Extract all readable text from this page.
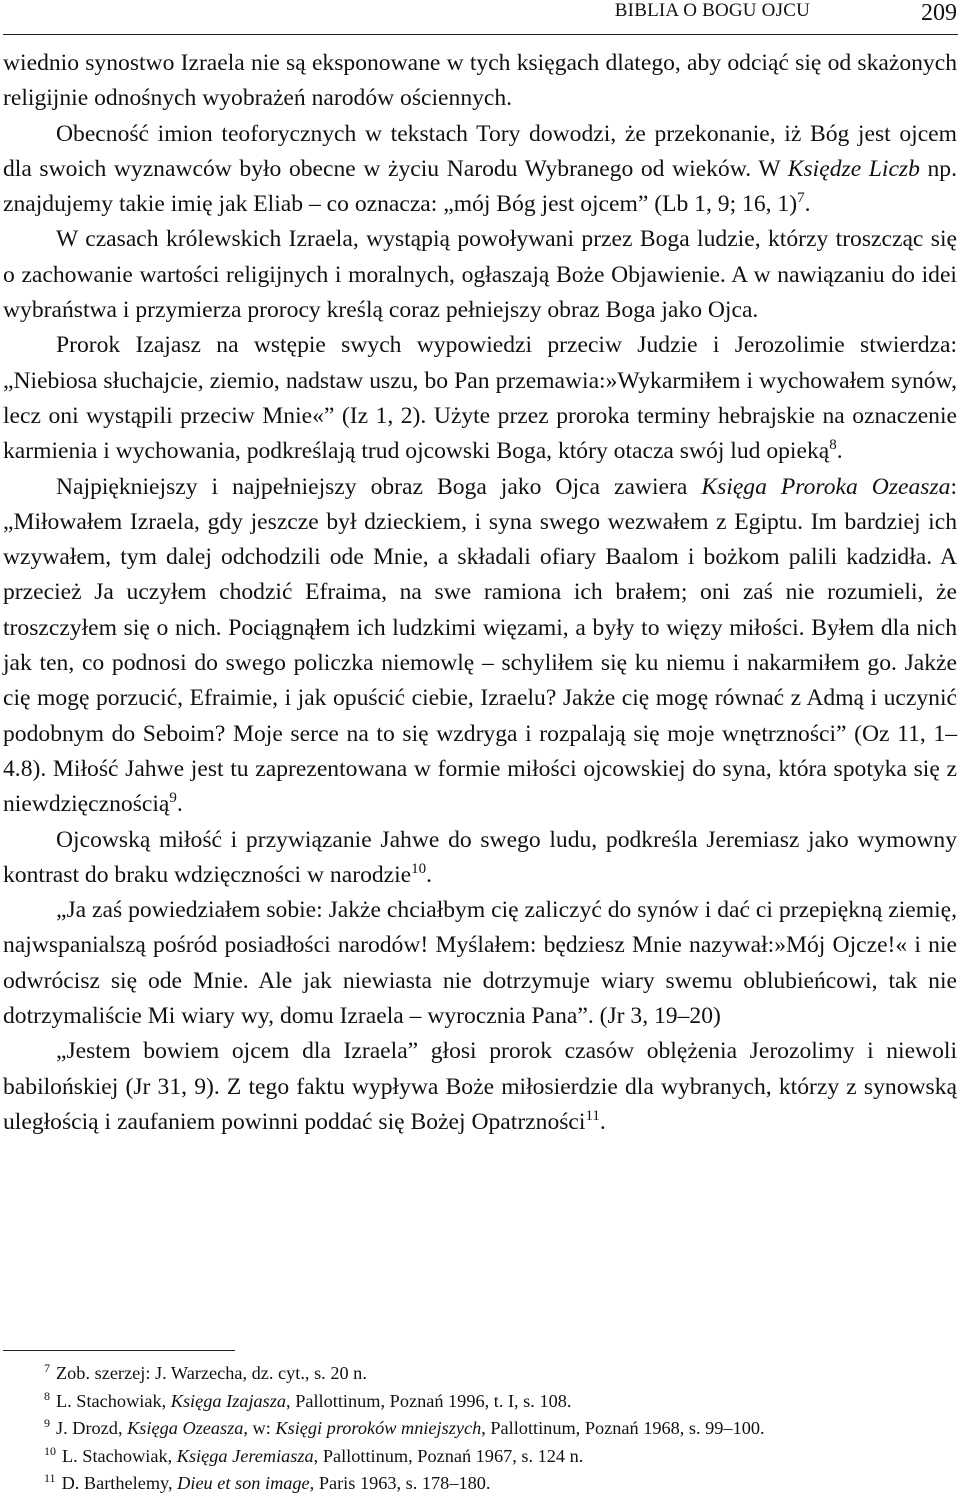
BIBLIA O BOGU OJCU	209

wiednio synostwo Izraela nie są eksponowane w tych księgach dlatego, aby odciąć się od skażonych religijnie odnośnych wyobrażeń narodów ościennych.

Obecność imion teoforycznych w tekstach Tory dowodzi, że przekonanie, iż Bóg jest ojcem dla swoich wyznawców było obecne w życiu Narodu Wybranego od wieków. W Księdze Liczb np. znajdujemy takie imię jak Eliab – co oznacza: „mój Bóg jest ojcem” (Lb 1, 9; 16, 1)$^7$.

W czasach królewskich Izraela, wystąpią powoływani przez Boga ludzie, którzy troszcząc się o zachowanie wartości religijnych i moralnych, ogłaszają Boże Objawienie. A w nawiązaniu do idei wybraństwa i przymierza prorocy kreślą coraz pełniejszy obraz Boga jako Ojca.

Prorok Izajasz na wstępie swych wypowiedzi przeciw Judzie i Jerozolimie stwierdza: „Niebiosa słuchajcie, ziemio, nadstaw uszu, bo Pan przemawia:»Wykarmiłem i wychowałem synów, lecz oni wystąpili przeciw Mnie«” (Iz 1, 2). Użyte przez proroka terminy hebrajskie na oznaczenie karmienia i wychowania, podkreślają trud ojcowski Boga, który otacza swój lud opieką$^8$.

Najpiękniejszy i najpełniejszy obraz Boga jako Ojca zawiera Księga Proroka Ozeasza: „Miłowałem Izraela, gdy jeszcze był dzieckiem, i syna swego wezwałem z Egiptu. Im bardziej ich wzywałem, tym dalej odchodzili ode Mnie, a składali ofiary Baalom i bożkom palili kadzidła. A przecież Ja uczyłem chodzić Efraima, na swe ramiona ich brałem; oni zaś nie rozumieli, że troszczyłem się o nich. Pociągnąłem ich ludzkimi więzami, a były to więzy miłości. Byłem dla nich jak ten, co podnosi do swego policzka niemowlę – schyliłem się ku niemu i nakarmiłem go. Jakże cię mogę porzucić, Efraimie, i jak opuścić ciebie, Izraelu? Jakże cię mogę równać z Admą i uczynić podobnym do Seboim? Moje serce na to się wzdryga i rozpalają się moje wnętrzności” (Oz 11, 1–4.8). Miłość Jahwe jest tu zaprezentowana w formie miłości ojcowskiej do syna, która spotyka się z niewdzięcznością$^9$.

Ojcowską miłość i przywiązanie Jahwe do swego ludu, podkreśla Jeremiasz jako wymowny kontrast do braku wdzięczności w narodzie$^{10}$.

„Ja zaś powiedziałem sobie: Jakże chciałbym cię zaliczyć do synów i dać ci przepiękną ziemię, najwspanialszą pośród posiadłości narodów! Myślałem: będziesz Mnie nazywał:»Mój Ojcze!« i nie odwrócisz się ode Mnie. Ale jak niewiasta nie dotrzymuje wiary swemu oblubieńcowi, tak nie dotrzymaliście Mi wiary wy, domu Izraela – wyrocznia Pana”. (Jr 3, 19–20)

„Jestem bowiem ojcem dla Izraela” głosi prorok czasów oblężenia Jerozolimy i niewoli babilońskiej (Jr 31, 9). Z tego faktu wypływa Boże miłosierdzie dla wybranych, którzy z synowską uległością i zaufaniem powinni poddać się Bożej Opatrzności$^{11}$.

$^7$ Zob. szerzej: J. Warzecha, dz. cyt., s. 20 n.
$^8$ L. Stachowiak, Księga Izajasza, Pallottinum, Poznań 1996, t. I, s. 108.
$^9$ J. Drozd, Księga Ozeasza, w: Księgi proroków mniejszych, Pallottinum, Poznań 1968, s. 99–100.
$^{10}$ L. Stachowiak, Księga Jeremiasza, Pallottinum, Poznań 1967, s. 124 n.
$^{11}$ D. Barthelemy, Dieu et son image, Paris 1963, s. 178–180.
